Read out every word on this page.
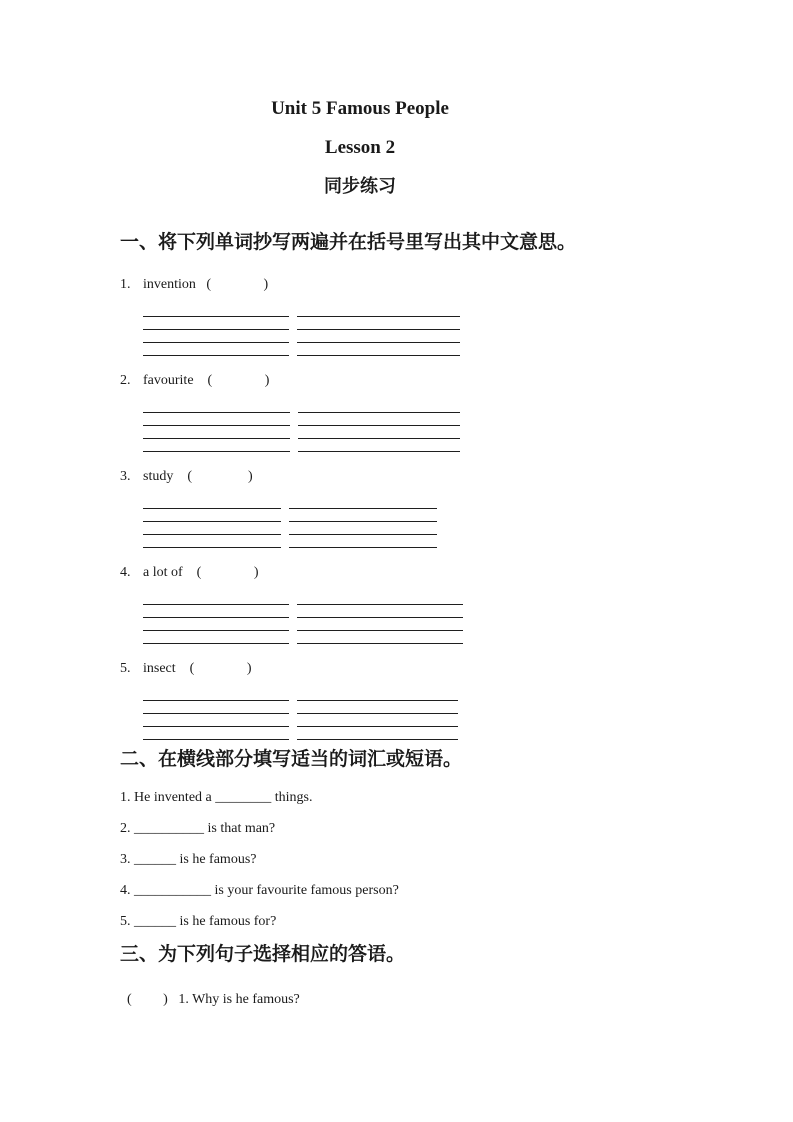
Unit 5 Famous People
Lesson 2
同步练习
一、将下列单词抄写两遍并在括号里写出其中文意思。
1. invention   (               )
2. favourite    (               )
3. study    (                )
4. a lot of    (               )
5. insect    (               )
二、在横线部分填写适当的词汇或短语。

1. He invented a ________ things.

2. __________ is that man?

3. ______ is he famous?

4. ___________ is your favourite famous person?

5. ______ is he famous for?

三、为下列句子选择相应的答语。

(         )   1. Why is he famous?
